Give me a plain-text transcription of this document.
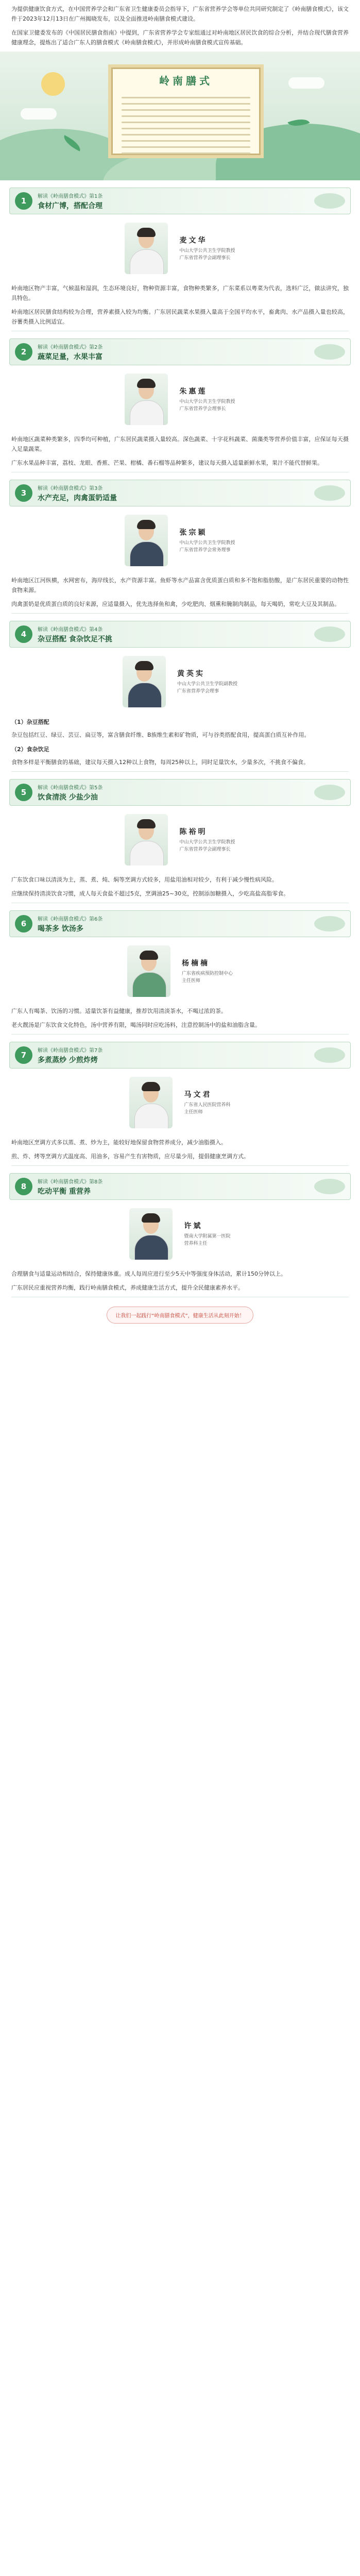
为提供健康饮食方式，在中国营养学会和广东省卫生健康委员会指导下，广东省营养学会等单位共同研究制定了《岭南膳食模式》，该文件于2023年12月13日在广州揭晓发布，以及全面推进岭南膳食模式建设。

在国家卫健委发布的《中国居民膳食指南》中提到，广东省营养学会专家组通过对岭南地区居民饮食的综合分析，并结合现代膳食营养健康理念，提炼出了适合广东人的膳食模式《岭南膳食模式》，并形成岭南膳食模式宣传基础。

岭南膳式
1	解读《岭南膳食模式》第1条
食材广博，搭配合理
麦文华
中山大学公共卫生学院教授
广东省营养学会副理事长

岭南地区物产丰富，气候温和湿润，生态环境良好，物种资源丰富，食物种类繁多，广东菜系以粤菜为代表，选料广泛，做法讲究，独具特色。

岭南地区居民膳食结构较为合理，营养素摄入较为均衡。广东居民蔬菜水果摄入量高于全国平均水平，畜禽肉、水产品摄入量也较高，谷薯类摄入比例适宜。

2	解读《岭南膳食模式》第2条
蔬菜足量，水果丰富
朱惠莲
中山大学公共卫生学院教授
广东省营养学会理事长

岭南地区蔬菜种类繁多，四季均可种植，广东居民蔬菜摄入量较高。深色蔬菜、十字花科蔬菜、菌藻类等营养价值丰富，应保证每天摄入足量蔬菜。

广东水果品种丰富，荔枝、龙眼、香蕉、芒果、柑橘、番石榴等品种繁多，建议每天摄入适量新鲜水果，果汁不能代替鲜果。

3	解读《岭南膳食模式》第3条
水产充足，肉禽蛋奶适量
张宗颖
中山大学公共卫生学院教授
广东省营养学会常务理事

岭南地区江河纵横，水网密布，海岸线长，水产资源丰富。鱼虾等水产品富含优质蛋白质和多不饱和脂肪酸，是广东居民重要的动物性食物来源。

肉禽蛋奶是优质蛋白质的良好来源，应适量摄入，优先选择鱼和禽，少吃肥肉、烟熏和腌制肉制品，每天喝奶，常吃大豆及其制品。

4	解读《岭南膳食模式》第4条
杂豆搭配 食杂饮足不挑
黄英实
中山大学公共卫生学院副教授
广东省营养学会理事

（1）杂豆搭配

杂豆包括红豆、绿豆、芸豆、扁豆等，富含膳食纤维、B族维生素和矿物质，可与谷类搭配食用，提高蛋白质互补作用。

（2）食杂饮足

食物多样是平衡膳食的基础，建议每天摄入12种以上食物，每周25种以上，同时足量饮水，少量多次，不挑食不偏食。

5	解读《岭南膳食模式》第5条
饮食清淡 少盐少油
陈裕明
中山大学公共卫生学院教授
广东省营养学会副理事长

广东饮食口味以清淡为主，蒸、煮、炖、焖等烹调方式较多，用盐用油相对较少，有利于减少慢性病风险。

应继续保持清淡饮食习惯，成人每天食盐不超过5克，烹调油25~30克，控制添加糖摄入，少吃高盐高脂零食。

6	解读《岭南膳食模式》第6条
喝茶多 饮汤多
杨楠楠
广东省疾病预防控制中心
主任医师

广东人有喝茶、饮汤的习惯。适量饮茶有益健康，推荐饮用清淡茶水，不喝过浓的茶。

老火靓汤是广东饮食文化特色，汤中营养有限，喝汤同时应吃汤料，注意控制汤中的盐和油脂含量。

7	解读《岭南膳食模式》第7条
多煮蒸炒 少煎炸烤
马文君
广东省人民医院营养科
主任医师

岭南地区烹调方式多以蒸、煮、炒为主，能较好地保留食物营养成分，减少油脂摄入。

煎、炸、烤等烹调方式温度高、用油多，容易产生有害物质，应尽量少用，提倡健康烹调方式。

8	解读《岭南膳食模式》第8条
吃动平衡 重营养
许斌
暨南大学附属第一医院
营养科主任

合理膳食与适量运动相结合，保持健康体重。成人每周应进行至少5天中等强度身体活动，累计150分钟以上。

广东居民应重视营养均衡，践行岭南膳食模式，养成健康生活方式，提升全民健康素养水平。

让我们一起践行“岭南膳食模式”，健康生活从此刻开始！
